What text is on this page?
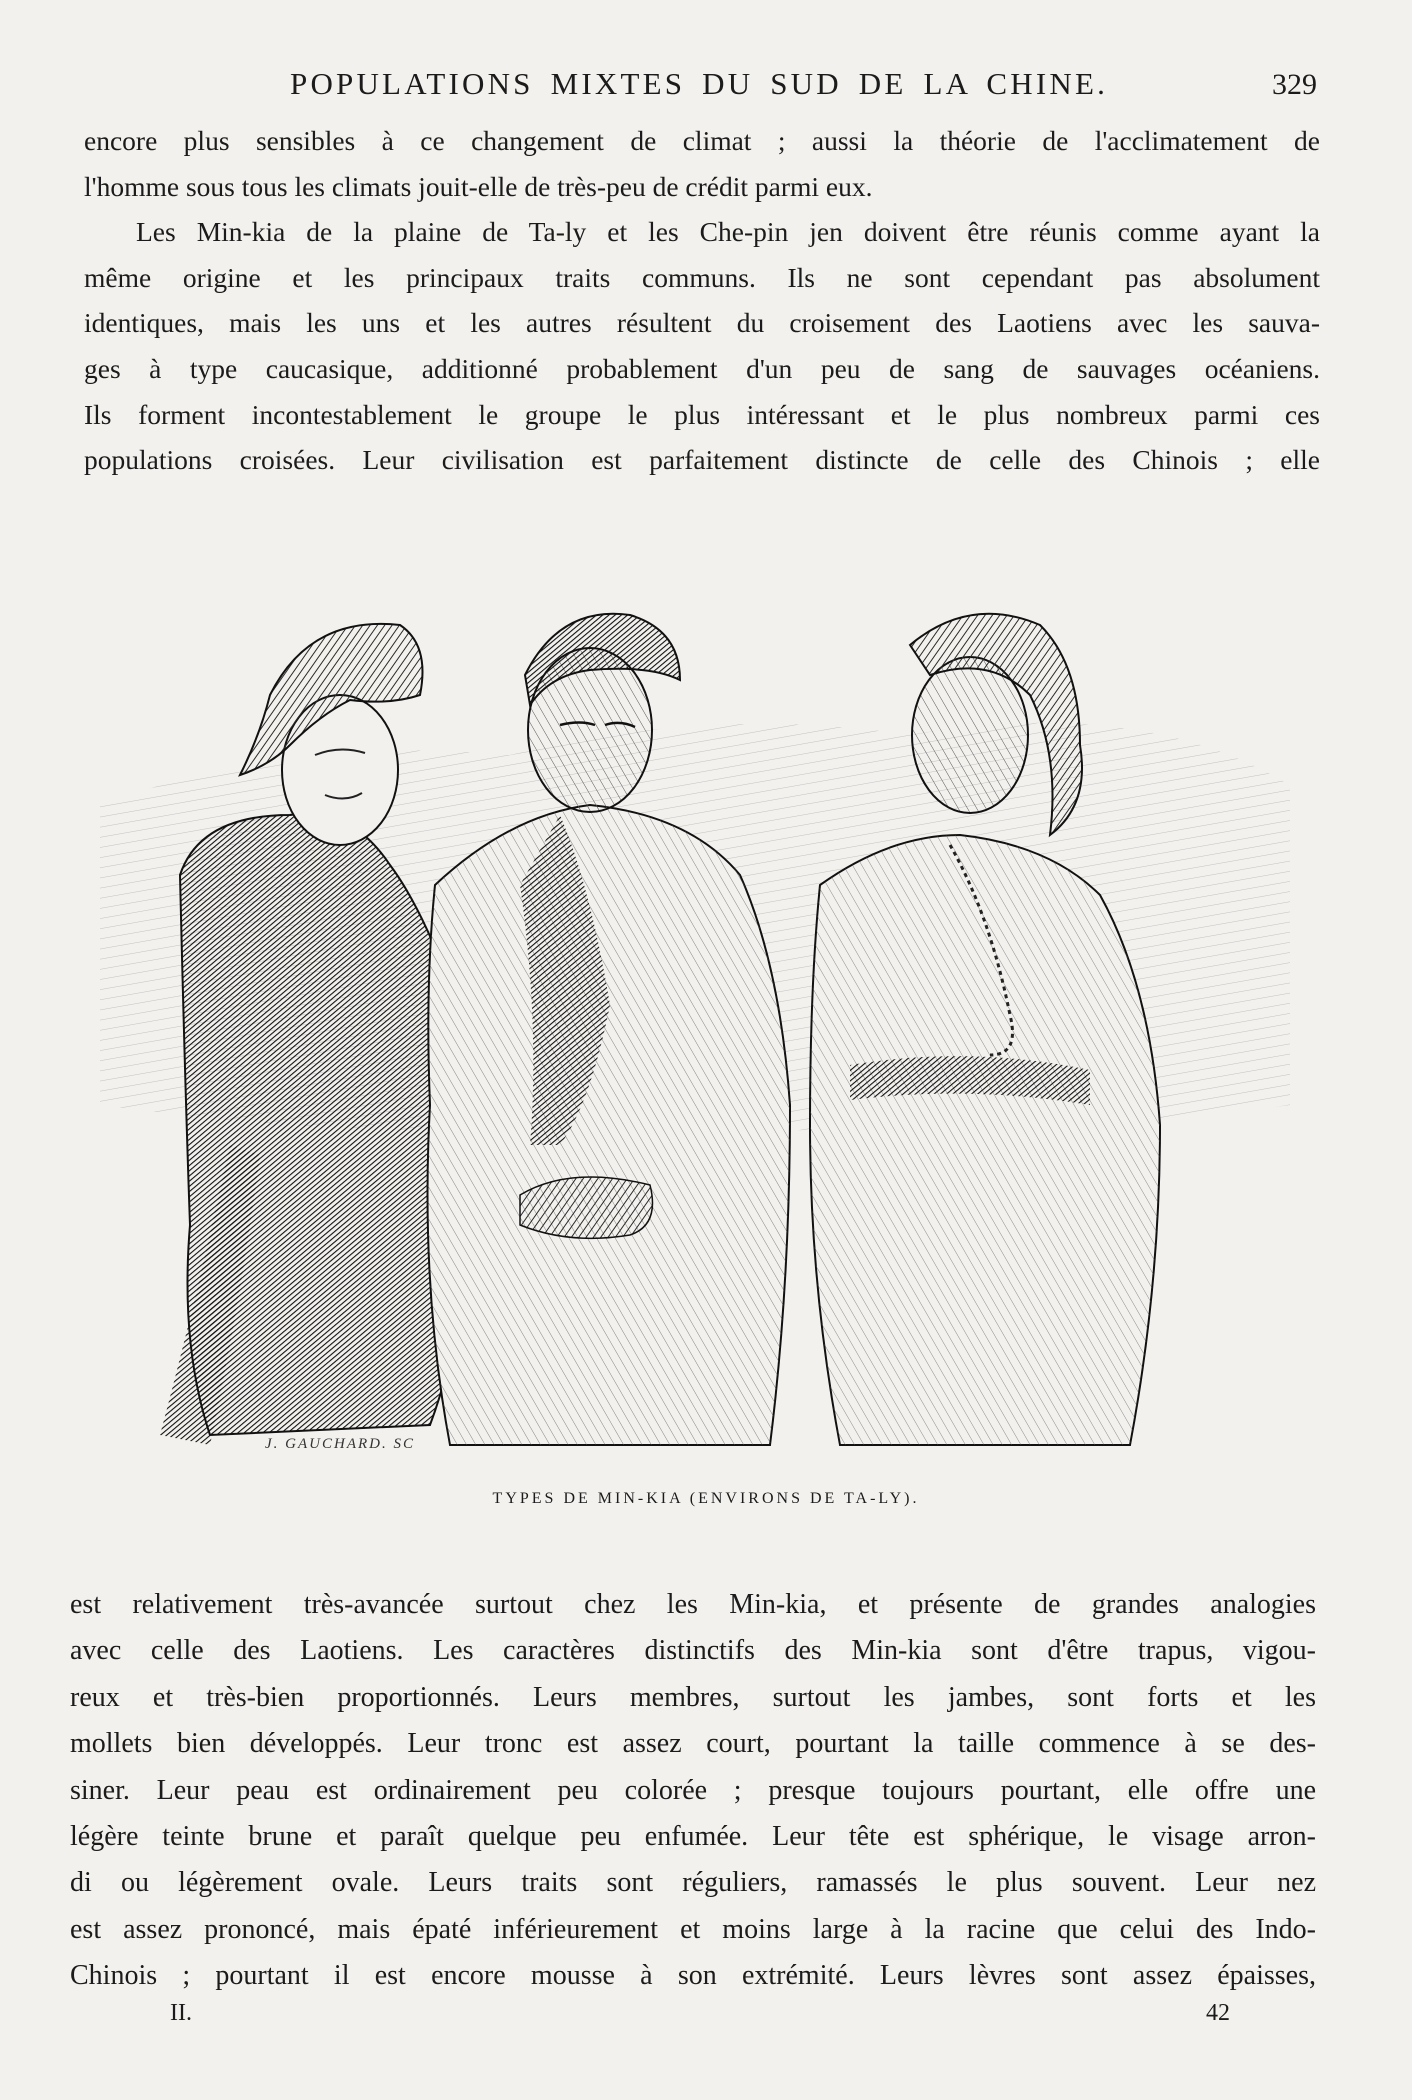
POPULATIONS MIXTES DU SUD DE LA CHINE.	329

encore plus sensibles à ce changement de climat ; aussi la théorie de l'acclimatement de
l'homme sous tous les climats jouit-elle de très-peu de crédit parmi eux.

Les Min-kia de la plaine de Ta-ly et les Che-pin jen doivent être réunis comme ayant la
même origine et les principaux traits communs. Ils ne sont cependant pas absolument
identiques, mais les uns et les autres résultent du croisement des Laotiens avec les sauva-
ges à type caucasique, additionné probablement d'un peu de sang de sauvages océaniens.
Ils forment incontestablement le groupe le plus intéressant et le plus nombreux parmi ces
populations croisées. Leur civilisation est parfaitement distincte de celle des Chinois ; elle

J. GAUCHARD. SC
TYPES DE MIN-KIA (ENVIRONS DE TA-LY).

est relativement très-avancée surtout chez les Min-kia, et présente de grandes analogies
avec celle des Laotiens. Les caractères distinctifs des Min-kia sont d'être trapus, vigou-
reux et très-bien proportionnés. Leurs membres, surtout les jambes, sont forts et les
mollets bien développés. Leur tronc est assez court, pourtant la taille commence à se des-
siner. Leur peau est ordinairement peu colorée ; presque toujours pourtant, elle offre une
légère teinte brune et paraît quelque peu enfumée. Leur tête est sphérique, le visage arron-
di ou légèrement ovale. Leurs traits sont réguliers, ramassés le plus souvent. Leur nez
est assez prononcé, mais épaté inférieurement et moins large à la racine que celui des Indo-
Chinois ; pourtant il est encore mousse à son extrémité. Leurs lèvres sont assez épaisses,

II.	42
